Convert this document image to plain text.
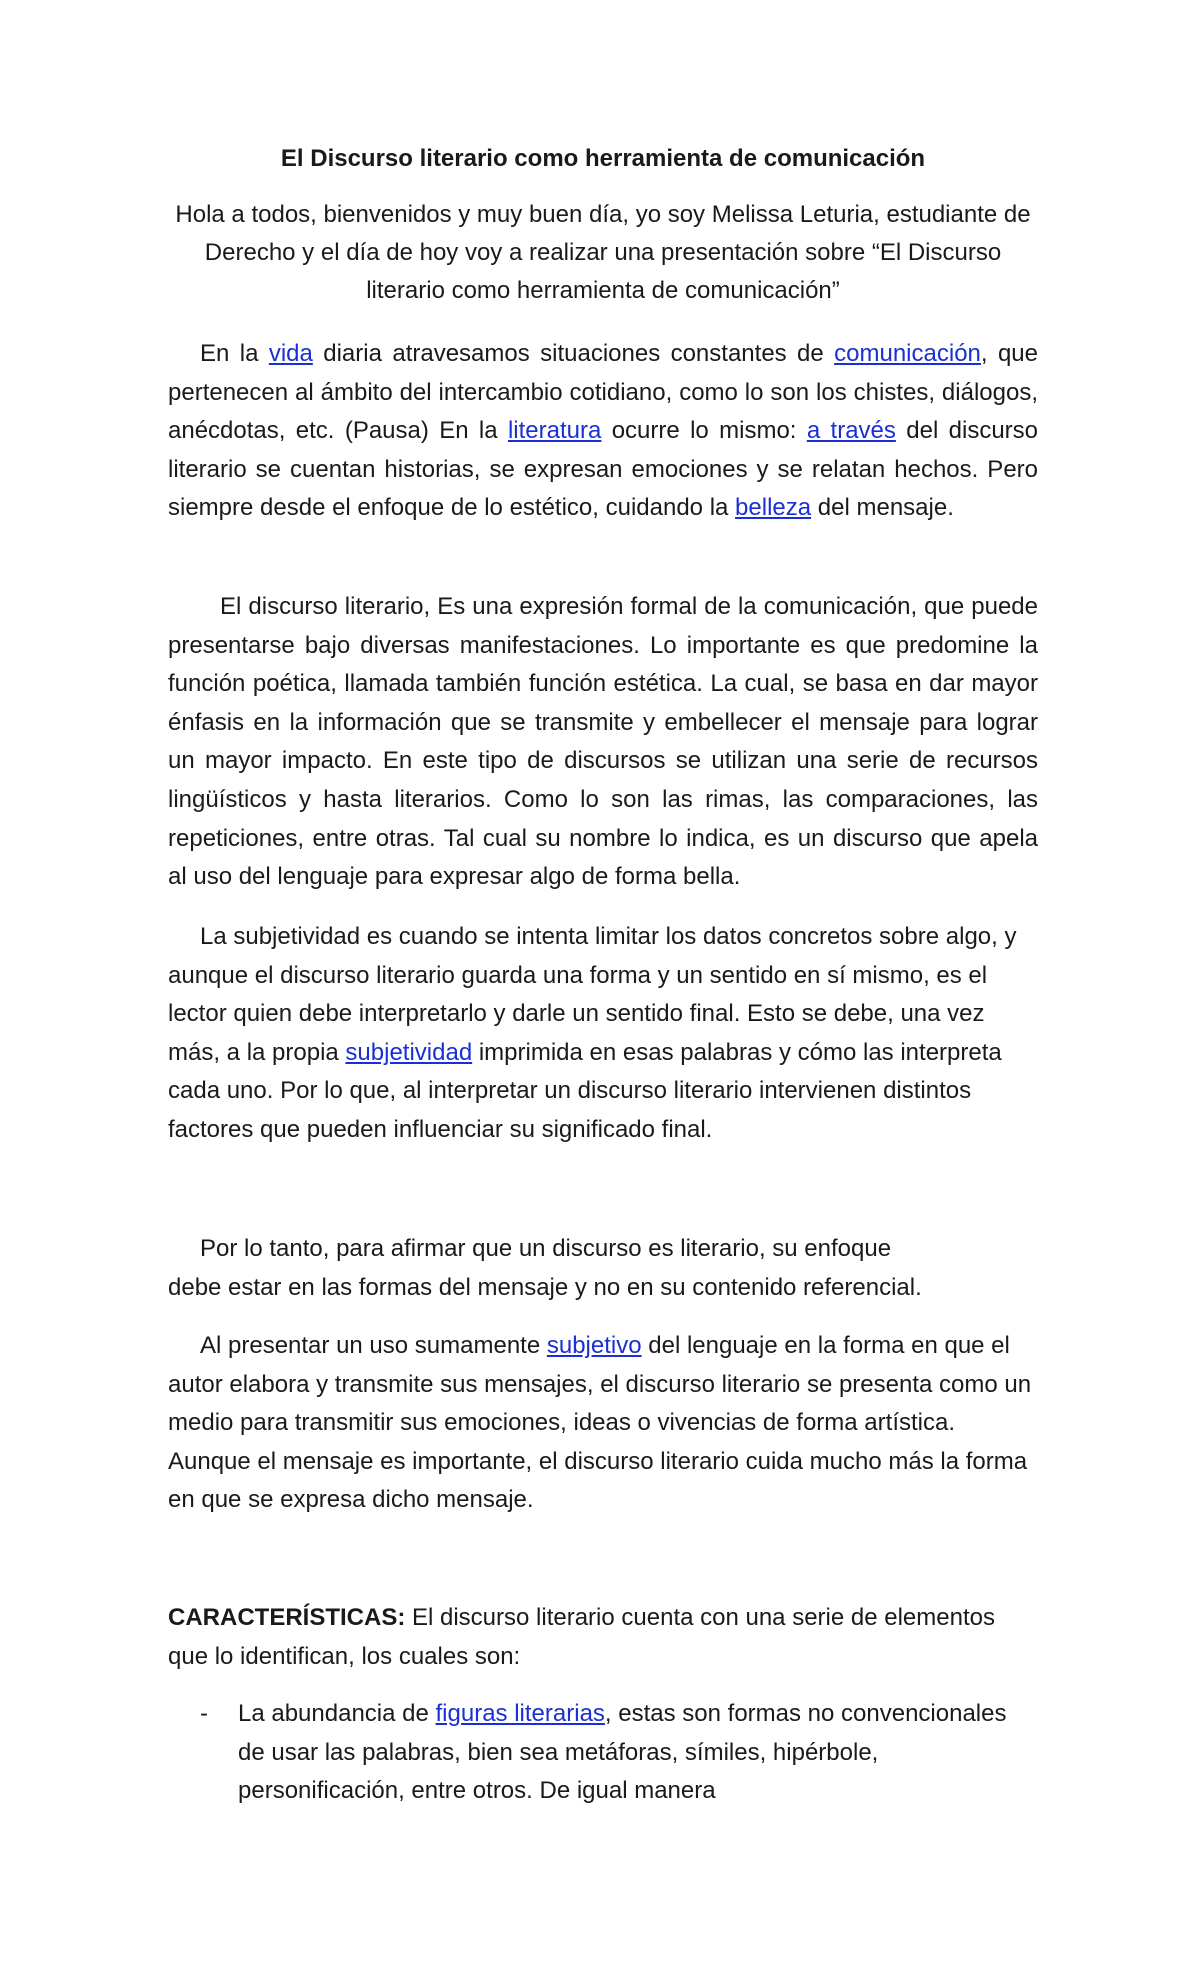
El Discurso literario como herramienta de comunicación
Hola a todos, bienvenidos y muy buen día, yo soy Melissa Leturia, estudiante de Derecho y el día de hoy voy a realizar una presentación sobre “El Discurso literario como herramienta de comunicación”
En la vida diaria atravesamos situaciones constantes de comunicación, que pertenecen al ámbito del intercambio cotidiano, como lo son los chistes, diálogos, anécdotas, etc. (Pausa) En la literatura ocurre lo mismo: a través del discurso literario se cuentan historias, se expresan emociones y se relatan hechos. Pero siempre desde el enfoque de lo estético, cuidando la belleza del mensaje.
El discurso literario, Es una expresión formal de la comunicación, que puede presentarse bajo diversas manifestaciones. Lo importante es que predomine la función poética, llamada también función estética. La cual, se basa en dar mayor énfasis en la información que se transmite y embellecer el mensaje para lograr un mayor impacto. En este tipo de discursos se utilizan una serie de recursos lingüísticos y hasta literarios. Como lo son las rimas, las comparaciones, las repeticiones, entre otras. Tal cual su nombre lo indica, es un discurso que apela al uso del lenguaje para expresar algo de forma bella.
La subjetividad es cuando se intenta limitar los datos concretos sobre algo, y aunque el discurso literario guarda una forma y un sentido en sí mismo, es el lector quien debe interpretarlo y darle un sentido final. Esto se debe, una vez más, a la propia subjetividad imprimida en esas palabras y cómo las interpreta cada uno. Por lo que, al interpretar un discurso literario intervienen distintos factores que pueden influenciar su significado final.
Por lo tanto, para afirmar que un discurso es literario, su enfoque
debe estar en las formas del mensaje y no en su contenido referencial.
Al presentar un uso sumamente subjetivo del lenguaje en la forma en que el autor elabora y transmite sus mensajes, el discurso literario se presenta como un medio para transmitir sus emociones, ideas o vivencias de forma artística. Aunque el mensaje es importante, el discurso literario cuida mucho más la forma en que se expresa dicho mensaje.
CARACTERÍSTICAS: El discurso literario cuenta con una serie de elementos que lo identifican, los cuales son:
- La abundancia de figuras literarias, estas son formas no convencionales de usar las palabras, bien sea metáforas, símiles, hipérbole, personificación, entre otros. De igual manera
